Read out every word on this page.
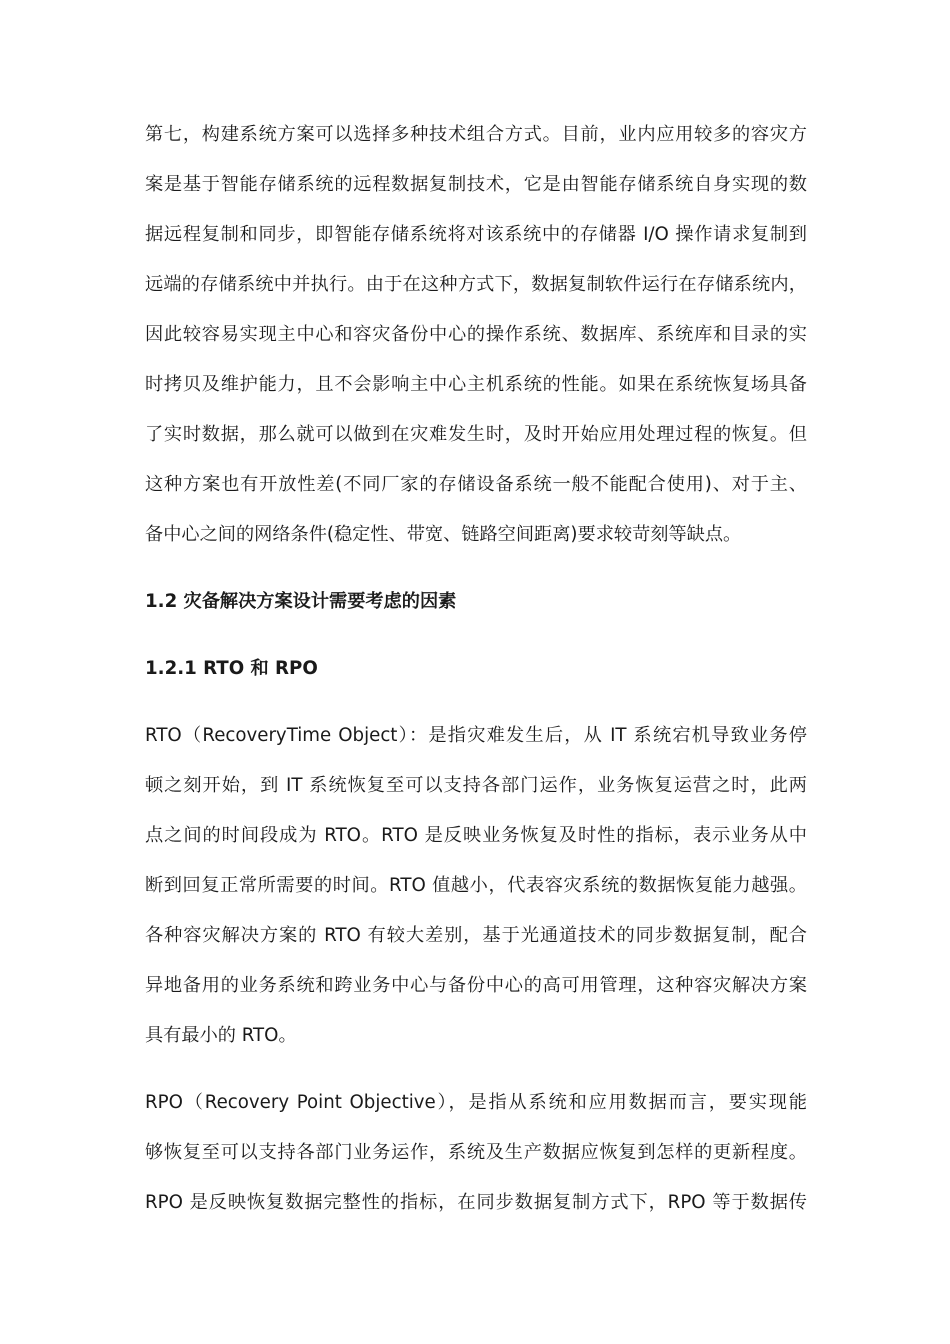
第七，构建系统方案可以选择多种技术组合方式。目前，业内应用较多的容灾方

案是基于智能存储系统的远程数据复制技术，它是由智能存储系统自身实现的数

据远程复制和同步，即智能存储系统将对该系统中的存储器 I/O 操作请求复制到

远端的存储系统中并执行。由于在这种方式下，数据复制软件运行在存储系统内，

因此较容易实现主中心和容灾备份中心的操作系统、数据库、系统库和目录的实

时拷贝及维护能力，且不会影响主中心主机系统的性能。如果在系统恢复场具备

了实时数据，那么就可以做到在灾难发生时，及时开始应用处理过程的恢复。但

这种方案也有开放性差(不同厂家的存储设备系统一般不能配合使用)、对于主、

备中心之间的网络条件(稳定性、带宽、链路空间距离)要求较苛刻等缺点。

1.2 灾备解决方案设计需要考虑的因素
1.2.1 RTO 和 RPO

RTO（RecoveryTime Object）：是指灾难发生后，从 IT 系统宕机导致业务停

顿之刻开始，到 IT 系统恢复至可以支持各部门运作，业务恢复运营之时，此两

点之间的时间段成为 RTO。RTO 是反映业务恢复及时性的指标，表示业务从中

断到回复正常所需要的时间。RTO 值越小，代表容灾系统的数据恢复能力越强。

各种容灾解决方案的 RTO 有较大差别，基于光通道技术的同步数据复制，配合

异地备用的业务系统和跨业务中心与备份中心的高可用管理，这种容灾解决方案

具有最小的 RTO。

RPO（Recovery Point Objective），是指从系统和应用数据而言，要实现能

够恢复至可以支持各部门业务运作，系统及生产数据应恢复到怎样的更新程度。

RPO 是反映恢复数据完整性的指标，在同步数据复制方式下，RPO 等于数据传
